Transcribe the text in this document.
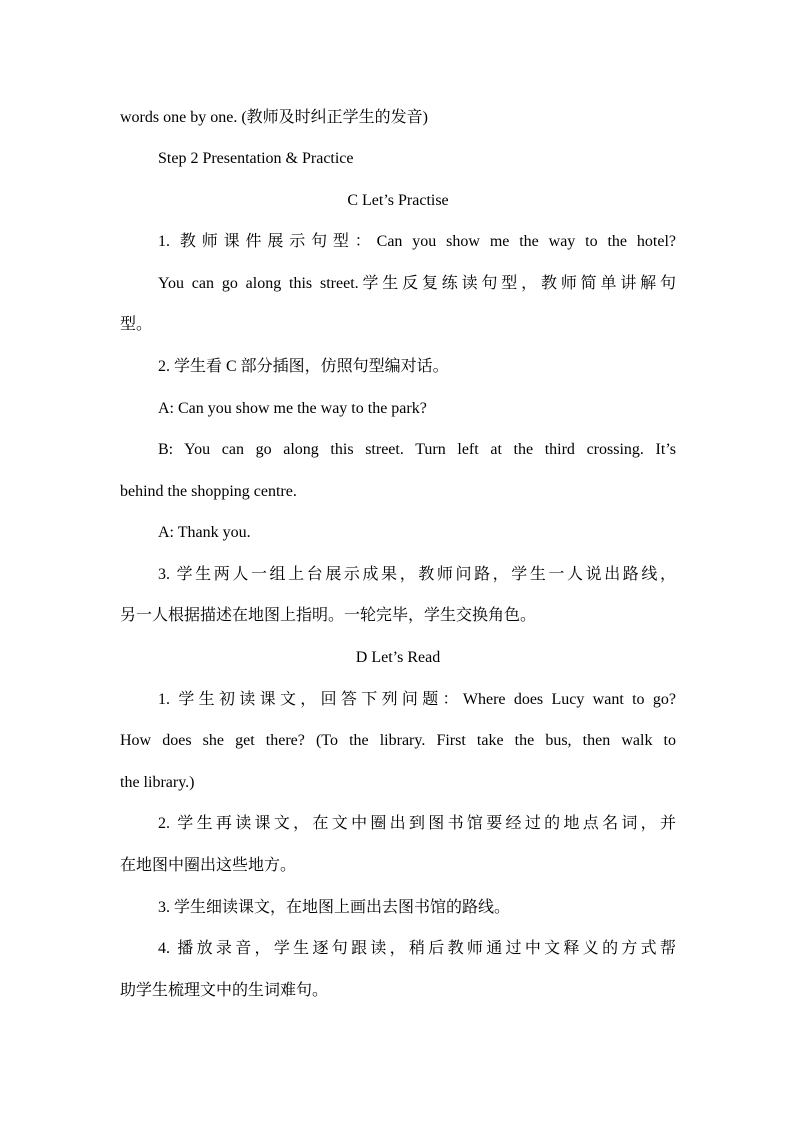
words one by one. (教师及时纠正学生的发音)
Step 2 Presentation & Practice
C Let’s Practise
1. 教师课件展示句型：Can you show me the way to the hotel?
You can go along this street.学生反复练读句型，教师简单讲解句
型。
2. 学生看 C 部分插图，仿照句型编对话。
A: Can you show me the way to the park?
B: You can go along this street. Turn left at the third crossing. It’s
behind the shopping centre.
A: Thank you.
3. 学生两人一组上台展示成果，教师问路，学生一人说出路线，
另一人根据描述在地图上指明。一轮完毕，学生交换角色。
D Let’s Read
1. 学生初读课文，回答下列问题：Where does Lucy want to go?
How does she get there? (To the library. First take the bus, then walk to
the library.)
2. 学生再读课文，在文中圈出到图书馆要经过的地点名词，并
在地图中圈出这些地方。
3. 学生细读课文，在地图上画出去图书馆的路线。
4. 播放录音，学生逐句跟读，稍后教师通过中文释义的方式帮
助学生梳理文中的生词难句。
